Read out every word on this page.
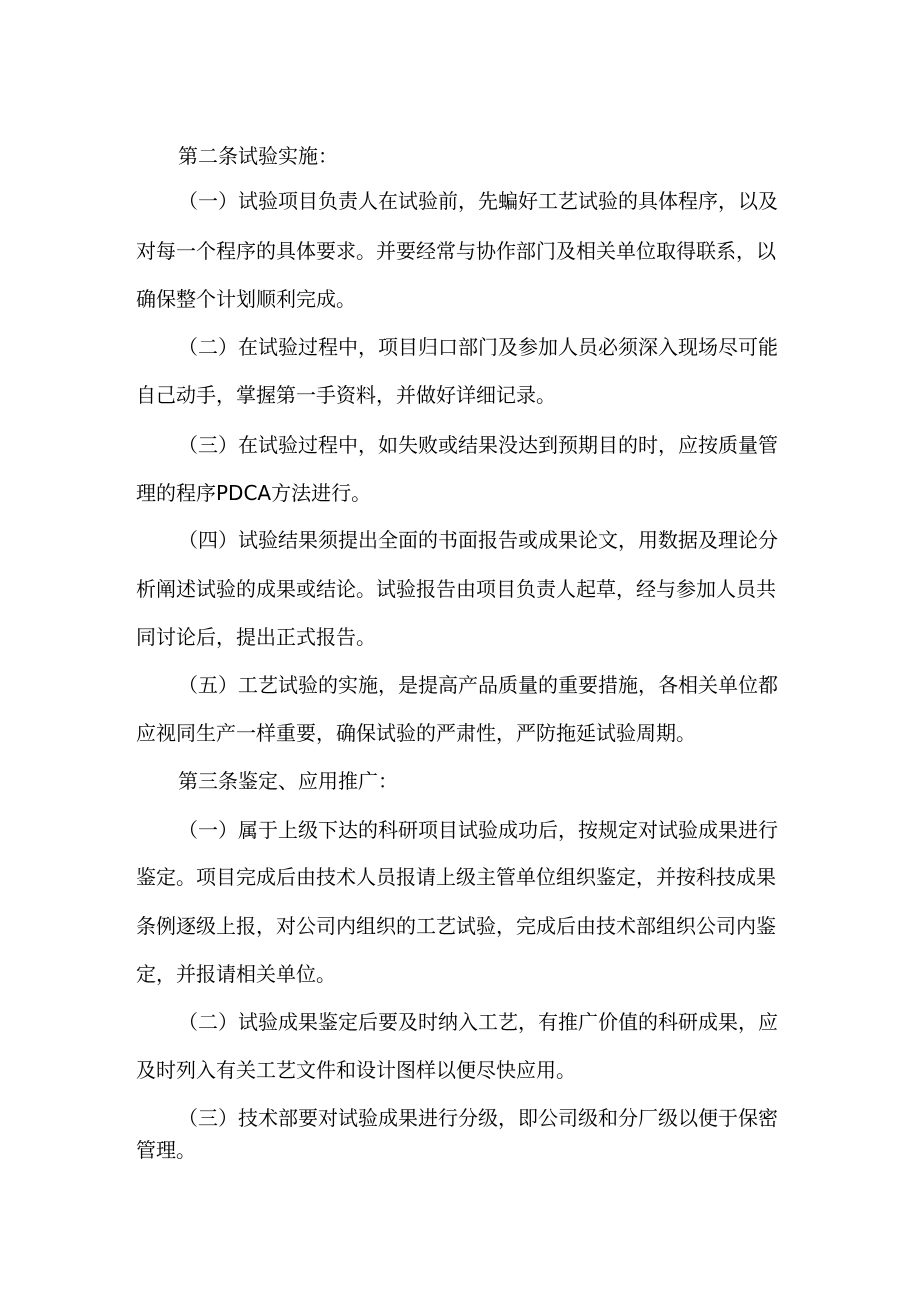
第二条试验实施：

（一）试验项目负责人在试验前，先蝙好工艺试验的具体程序，以及

对每一个程序的具体要求。并要经常与协作部门及相关单位取得联系，以

确保整个计划顺利完成。

（二）在试验过程中，项目归口部门及参加人员必须深入现场尽可能

自己动手，掌握第一手资料，并做好详细记录。

（三）在试验过程中，如失败或结果没达到预期目的时，应按质量管

理的程序PDCA方法进行。

（四）试验结果须提出全面的书面报告或成果论文，用数据及理论分

析阐述试验的成果或结论。试验报告由项目负责人起草，经与参加人员共

同讨论后，提出正式报告。

（五）工艺试验的实施，是提高产品质量的重要措施，各相关单位都

应视同生产一样重要，确保试验的严肃性，严防拖延试验周期。

第三条鉴定、应用推广：

（一）属于上级下达的科研项目试验成功后，按规定对试验成果进行

鉴定。项目完成后由技术人员报请上级主管单位组织鉴定，并按科技成果

条例逐级上报，对公司内组织的工艺试验，完成后由技术部组织公司内鉴

定，并报请相关单位。

（二）试验成果鉴定后要及时纳入工艺，有推广价值的科研成果，应

及时列入有关工艺文件和设计图样以便尽快应用。

（三）技术部要对试验成果进行分级，即公司级和分厂级以便于保密

管理。
